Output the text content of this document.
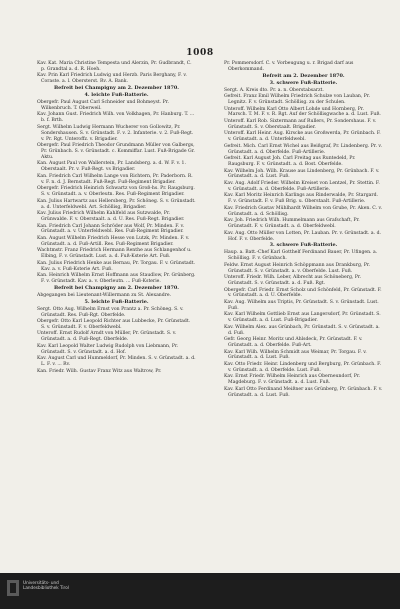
1008
Kav. Kat. Maria Christine Tempesta und Alerzin, Pr. Gudbrandt, C. p. Grandtal a. d. R. Hoeh.
Kav. Prin Karl Friedrich Ludwig und Herzb. Paris Berghany, F. v. Coraste. a. l. Obersterst. Rv. A. Bank.
Befreit bei Champigny am 2. Dezember 1870.
4. leichte Fuß-Batterie.
Obergefr. Paul August Carl Schneider und Bohmeyst. Pr. Wilkenbruch. T. Oberweil.
Kav. Johann Gust. Friedrich Wilh. von Volkhagen, Pr. Hanburg. T. ... b. f. Brth.
Sergt. Wilhelm Ludwig Hermann Wucherer von Gollowitz, Pr. Sondershausen. S. v. Grünstadt. F. v. 2. Infanterie. v. 2. Fuß-Regt. v. Pr. Rgt. Unteroffz. v. Brigadier.
Obergefr. Paul Friedrich Theodor Grundmann Müller von Galbergs, Pr. Grünbach. S. v. Grünstadt. c. Kommiffar. Lust. Fuß-Brigade Gr. Aktu.
Kan. August Paul von Wallerstein, Pr. Landsberg. a. d. W. F. v. 1. Oberstaalt. Pr. v. Fuß-Regt. vs Brigadier.
Kan. Friedrich Carl Wilhelm Lange von Richtern, Pr. Paderborn. R. v. F. n. d. J. Bernstadt. Fuß-Regt. Fuß-Regiment Brigadier.
Obergefr. Friedrich Heinrich Schwartz von Groß-hs. Pr. Raugsburg. S. v. Grünstadt. a. v. Oberleutn. Res. Fuß-Regiment Brigadier.
Kan. Julius Hartwartz aus Hellersberg, Pr. Schöneg. S. v. Grünstadt. a. d. Unterfeldwebl. Art. Schöllisg, Brigadier.
Kav. Julius Friedrich Wilhelm Kahlfeld aus Sutzwalde, Pr. Grünwalde. F. v. Oberstaalt. a. d. U. Res. Fuß-Regt. Brigadier.
Kan. Friedrich Carl Johann Schröder aus Wolf, Pr. Minden. F. v. Grünstadt. a. v. Unterfeldwebl. Res. Fuß-Regiment Brigadier.
Kan. August Wilhelm Friedrich Hesse von Lutzk, Pr. Minden. F. v. Grünstadt. a. d. Fuß-Artill. Res. Fuß-Regiment Brigadier.
Wachtmstr. Franz Friedrich Hermann Renthe aus Schlangenhof u. Elbing, F. v. Grünstadt. Lust. a. d. Fuß-Ksterie Art. Fuß.
Kan. Julius Friedrich Henke aus Bernau, Pr. Torgau. F. v. Grünstadt. Kav. a. v. Fuß-Ksterie Art. Fuß.
Kan. Heinrich Wilhelm Ernst Hoffmann aus Staudlow, Pr. Grünberg. F. v. Grünstadt. Kav. a. v. Oberleutn. ... Fuß-Ksterie.
Befreit bei Champigny am 2. Dezember 1870.
Abgegangen bei Lieutenant-Willermann zu St. Alexandre.
5. leichte Fuß-Batterie.
Sergt. Otto Aug. Wilhelm Ernst von Prantz a. Pr. Schöneg. S. v. Grünstadt. Res. Fuß-Rgt. Oberfelde.
Obergefr. Otto Karl Leopold Richter aus Lubbecke, Pr. Grünstadt. S. v. Grünstadt. F. v. Oberfeldwebl.
Unteroff. Ernst Rudolf Arndt von Müller, Pr. Grünstadt. S. v. Grünstadt. a. d. Fuß-Regt. Oberfelde.
Kav. Karl Leopold Walter Ludwig Rudolph von Liebmann, Pr. Grünstadt. S. v. Grünstadt. a. d. Hof.
Kav. August Carl und Hummeldorf, Pr. Minden. S. v. Grünstadt. a. d. L. F. v. ... Rv.
Kan. Friedr. Wilh. Gustav Franz Witz aus Waltrow, Pr.
Pr. Pommersdorf. C. v. Vorbeugung u. r. Brigad darf aus Oberkommand.
Befreit am 2. Dezember 1870.
3. schwere Fuß-Batterie.
Sergt. A. Kreis dto. Pr. a. n. Oberstabsarzt.
Gefreit. Franz Emil Wilhelm Friedrich Schulze von Lauban, Pr. Legnitz. F. v. Grünstadt. Schöllisg. zu der Schulen.
Unteroff. Wilhelm Karl Otto Albert Lohde und Hornberg, Pr. Marsch. T. M. F. v. R. Rgt. Auf der Schöllisgwache a. d. Lust. Fuß.
Unteroff. Karl Rob. Sixtermann auf Rullers, Pr. Sondershaus. F. v. Grünstadt. S. v. Oberstaalt. Brigadier.
Unteroff. Karl Heinr. Aug. Kirscke aus Großwerda, Pr. Grünbach. F. v. Grünstadt. a. d. Unterfeldwebl.
Gefreit. Mich. Carl Ernst Wichel aus Beißgraf, Pr. Lindenberg. Pr. v. Grünstadt. a. d. Oberfelde. Fuß-Artillerie.
Gefreit. Karl August Joh. Carl Freitag aus Runtedeld, Pr. Raugsburg. F. v. Grünstadt. a. d. Bost. Oberfelde.
Kav. Wilhelm Joh. Wilh. Krause aus Lindenberg, Pr. Grünbach. F. v. Grünstadt. a. d. Lust. Fuß.
Kav. Aug. Adolf Frieder. Wilhelm Kreiset von Lentzel, Pr. Stettin. F. v. Grünstadt. a. d. Oberfelde. Fuß-Artillerie.
Kav. Karl Moritz Heinrich Karlings aus Rinderwalde, Pr. Stargard. F. v. Grünstadt. F. v. Fuß Brig. u. Oberstaalt. Fuß-Artillerie.
Kav. Friedrich Gustav Mühlhardt Wilhelm von Grube, Pr. Aken. C. v. Grünstadt. a. d. Schöllisg.
Kav. Joh. Friedrich Wilh. Hummelmann aus Grafschaft, Pr. Grünstadt. F. v. Grünstadt. a. d. Oberfeldwebl.
Kav. Aug. Otto Müller von Lotten, Pr. Lauban. Pr. v. Grünstadt. a. d. Hof. F. v. Oberfelde.
3. schwere Fuß-Batterie.
Haup. a. Batt.-Chef Karl Gotthelf Ferdinand Bauer, Pr. Ufingen. a. Schöllisg. F. v. Grünbach.
Feldw. Ernst August Heinrich Schöppmann aus Drankburg, Pr. Grünstadt. S. v. Grünstadt. a. v. Oberfelde. Lust. Fuß.
Unteroff. Friedr. Wilh. Leber, Albrecht aus Schöneberg, Pr. Grünstadt. S. v. Grünstadt. a. d. Fuß. Rgt.
Obergefr. Carl Friedr. Ernst Scholz und Schönfeld, Pr. Grünstadt. F. v. Grünstadt. a. d. U. Oberfelde.
Kav. Aug. Wilhelm aus Triptis, Pr. Grünstadt. S. v. Grünstadt. Lust. Fuß.
Kav. Karl Wilhelm Gottlieb Ernst aus Langersdorf, Pr. Grünstadt. S. v. Grünstadt. a. d. Lust. Fuß-Brigadier.
Kav. Wilhelm Alex. aus Grünbach, Pr. Grünstadt. S. v. Grünstadt. a. d. Fuß.
Gefr. Georg Heinr. Moritz und Ahlsdeck, Pr. Grünstadt. F. v. Grünstadt. a. d. Oberfelde. Fuß-Art.
Kav. Karl Wilh. Wilhelm Schmidt aus Weimar, Pr. Torgau. F. v. Grünstadt. a. d. Lust. Fuß.
Kav. Otto Friedr. Heinr. Lindenberg und Bergburg, Pr. Grünbach. F. v. Grünstadt. a. d. Oberfelde. Lust. Fuß.
Kav. Ernst Friedr. Wilhelm Heinrich aus Oberneundorf, Pr. Magdeburg. F. v. Grünstadt. a. d. Lust. Fuß.
Kav. Karl Otto Ferdinand Meißner aus Grünberg, Pr. Grünbach. F. v. Grünstadt. a. d. Lust. Fuß.
Universitäts- und
Landesbibliothek Tirol
